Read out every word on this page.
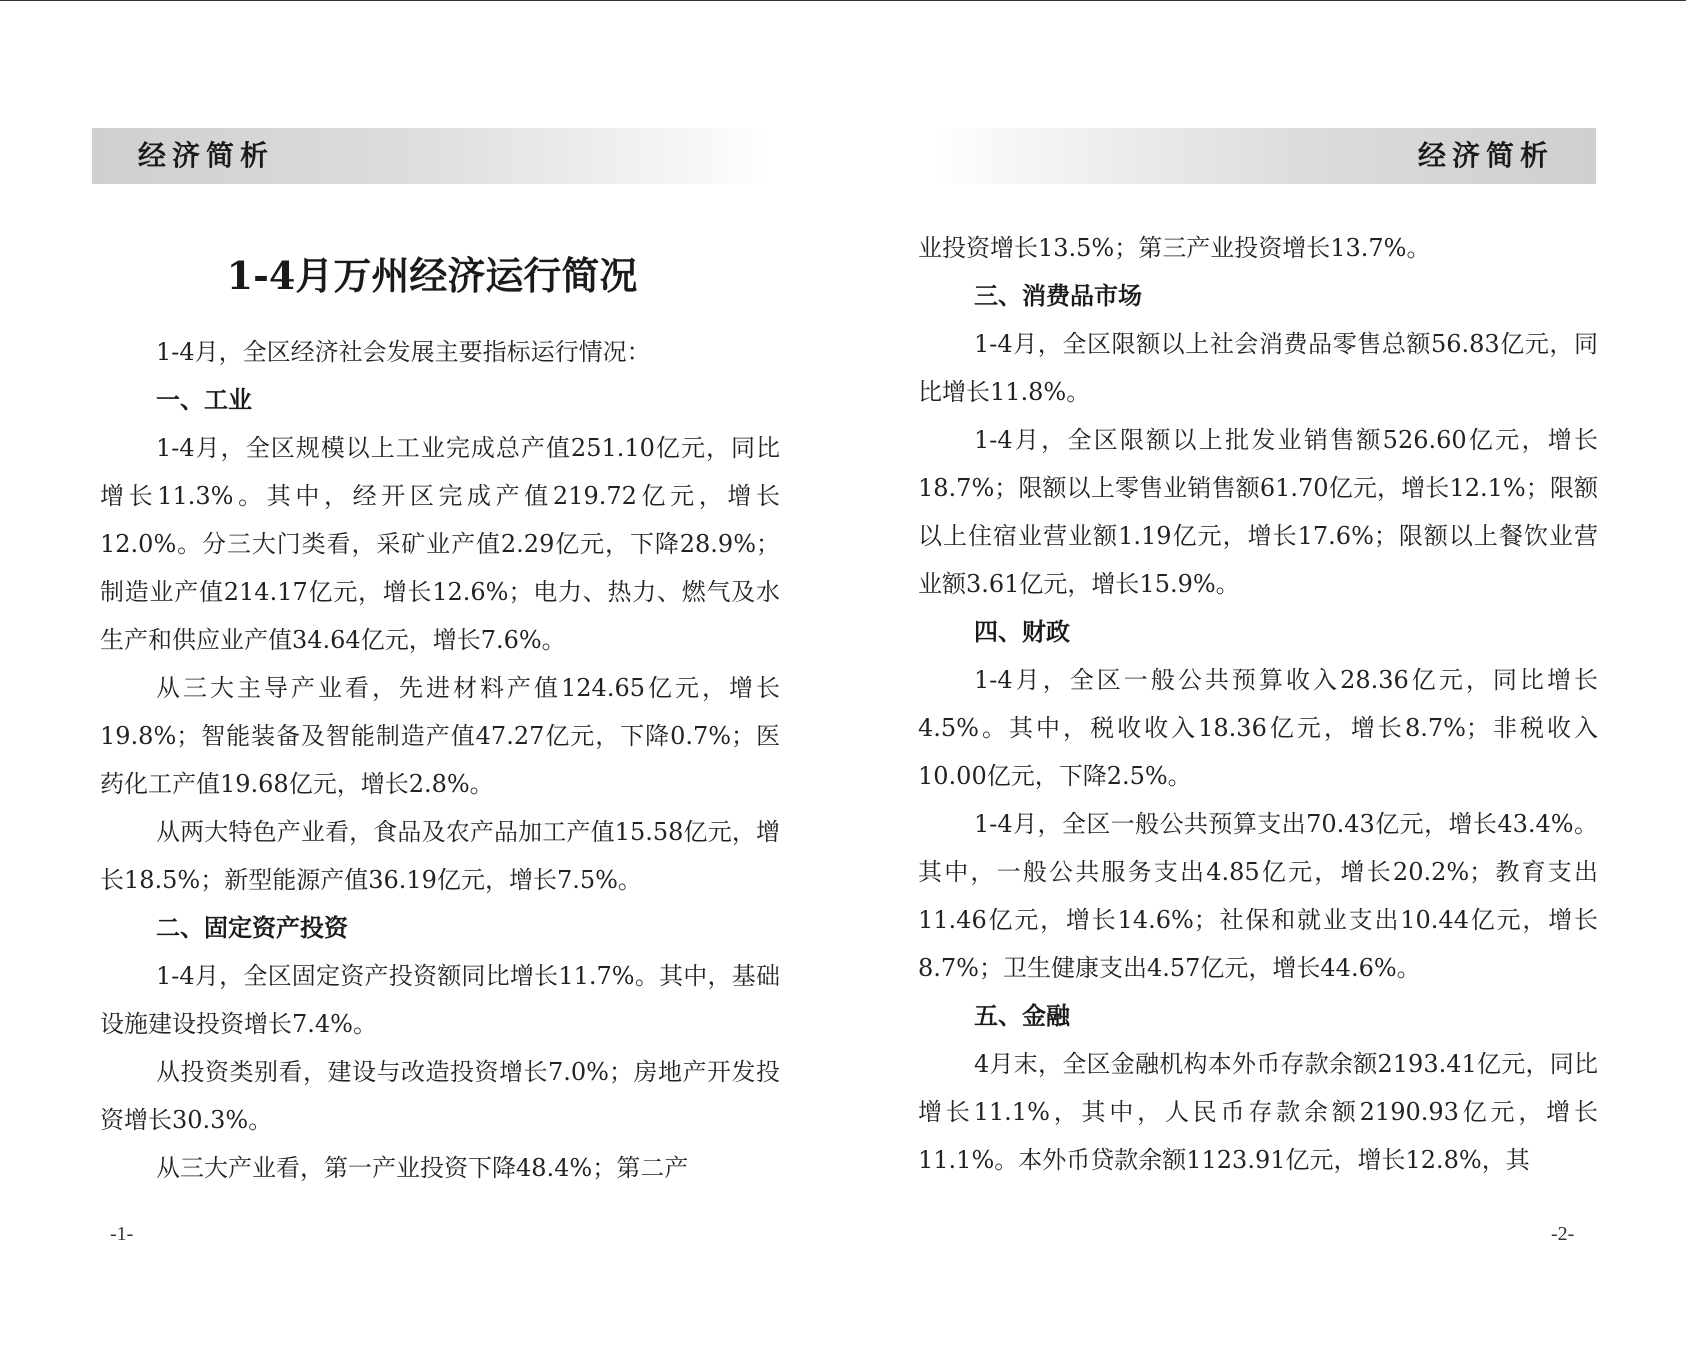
经济简析
1-4月万州经济运行简况

1-4月，全区经济社会发展主要指标运行情况：

一、工业

1-4月，全区规模以上工业完成总产值251.10亿元，同比增长11.3%。其中，经开区完成产值219.72亿元，增长12.0%。分三大门类看，采矿业产值2.29亿元，下降28.9%；制造业产值214.17亿元，增长12.6%；电力、热力、燃气及水生产和供应业产值34.64亿元，增长7.6%。

从三大主导产业看，先进材料产值124.65亿元，增长19.8%；智能装备及智能制造产值47.27亿元，下降0.7%；医药化工产值19.68亿元，增长2.8%。

从两大特色产业看，食品及农产品加工产值15.58亿元，增长18.5%；新型能源产值36.19亿元，增长7.5%。

二、固定资产投资

1-4月，全区固定资产投资额同比增长11.7%。其中，基础设施建设投资增长7.4%。

从投资类别看，建设与改造投资增长7.0%；房地产开发投资增长30.3%。

从三大产业看，第一产业投资下降48.4%；第二产

-1-
经济简析

业投资增长13.5%；第三产业投资增长13.7%。

三、消费品市场

1-4月，全区限额以上社会消费品零售总额56.83亿元，同比增长11.8%。

1-4月，全区限额以上批发业销售额526.60亿元，增长18.7%；限额以上零售业销售额61.70亿元，增长12.1%；限额以上住宿业营业额1.19亿元，增长17.6%；限额以上餐饮业营业额3.61亿元，增长15.9%。

四、财政

1-4月，全区一般公共预算收入28.36亿元，同比增长4.5%。其中，税收收入18.36亿元，增长8.7%；非税收入10.00亿元，下降2.5%。

1-4月，全区一般公共预算支出70.43亿元，增长43.4%。其中，一般公共服务支出4.85亿元，增长20.2%；教育支出11.46亿元，增长14.6%；社保和就业支出10.44亿元，增长8.7%；卫生健康支出4.57亿元，增长44.6%。

五、金融

4月末，全区金融机构本外币存款余额2193.41亿元，同比增长11.1%，其中，人民币存款余额2190.93亿元，增长11.1%。本外币贷款余额1123.91亿元，增长12.8%，其

-2-
